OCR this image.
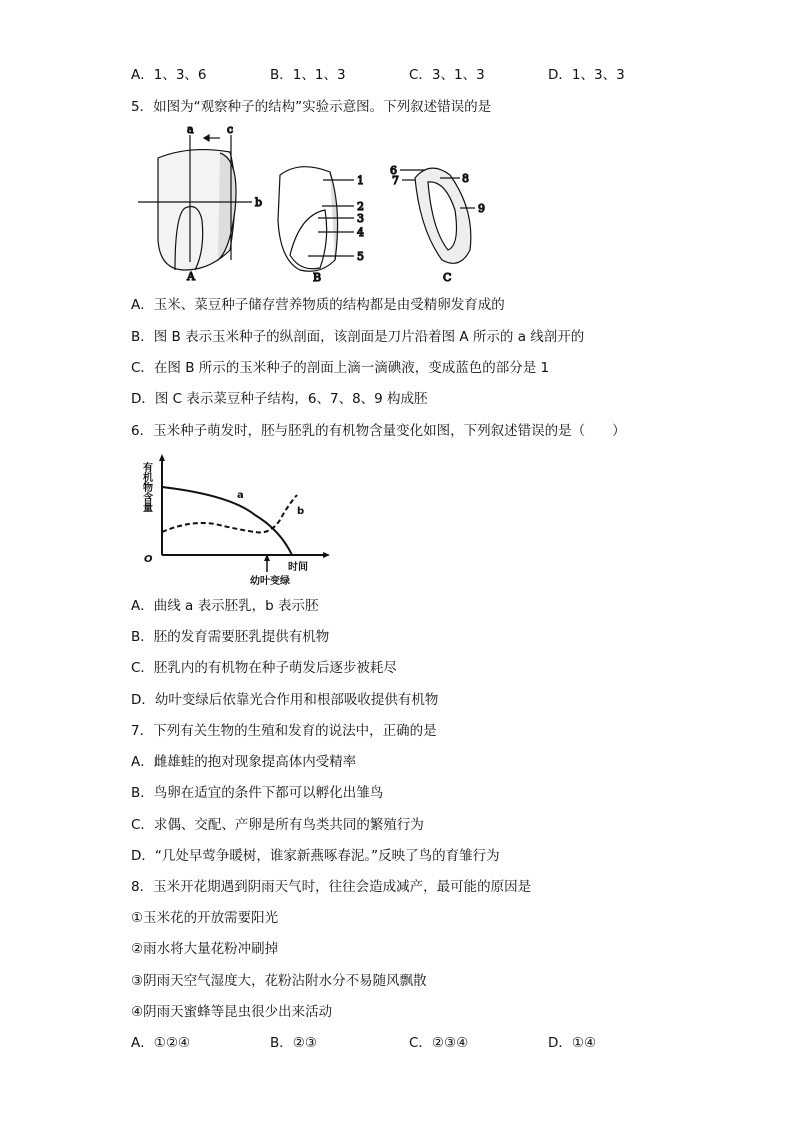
A．1、3、6	B．1、1、3	C．3、1、3	D．1、3、3
5．如图为“观察种子的结构”实验示意图。下列叙述错误的是
a
b
c
A
1
2
3
4
5
B
6
7	8
9
C
A．玉米、菜豆种子储存营养物质的结构都是由受精卵发育成的
B．图 B 表示玉米种子的纵剖面，该剖面是刀片沿着图 A 所示的 a 线剖开的
C．在图 B 所示的玉米种子的剖面上滴一滴碘液，变成蓝色的部分是 1
D．图 C 表示菜豆种子结构，6、7、8、9 构成胚
6．玉米种子萌发时，胚与胚乳的有机物含量变化如图，下列叙述错误的是（　　）
有机物含量
时间
O
a
b
幼叶变绿
A．曲线 a 表示胚乳，b 表示胚
B．胚的发育需要胚乳提供有机物
C．胚乳内的有机物在种子萌发后逐步被耗尽
D．幼叶变绿后依靠光合作用和根部吸收提供有机物
7．下列有关生物的生殖和发育的说法中，正确的是
A．雌雄蛙的抱对现象提高体内受精率
B．鸟卵在适宜的条件下都可以孵化出雏鸟
C．求偶、交配、产卵是所有鸟类共同的繁殖行为
D．“几处早莺争暖树，谁家新燕啄春泥。”反映了鸟的育雏行为
8．玉米开花期遇到阴雨天气时，往往会造成减产，最可能的原因是
①玉米花的开放需要阳光
②雨水将大量花粉冲刷掉
③阴雨天空气湿度大，花粉沾附水分不易随风飘散
④阴雨天蜜蜂等昆虫很少出来活动
A．①②④	B．②③	C．②③④	D．①④
